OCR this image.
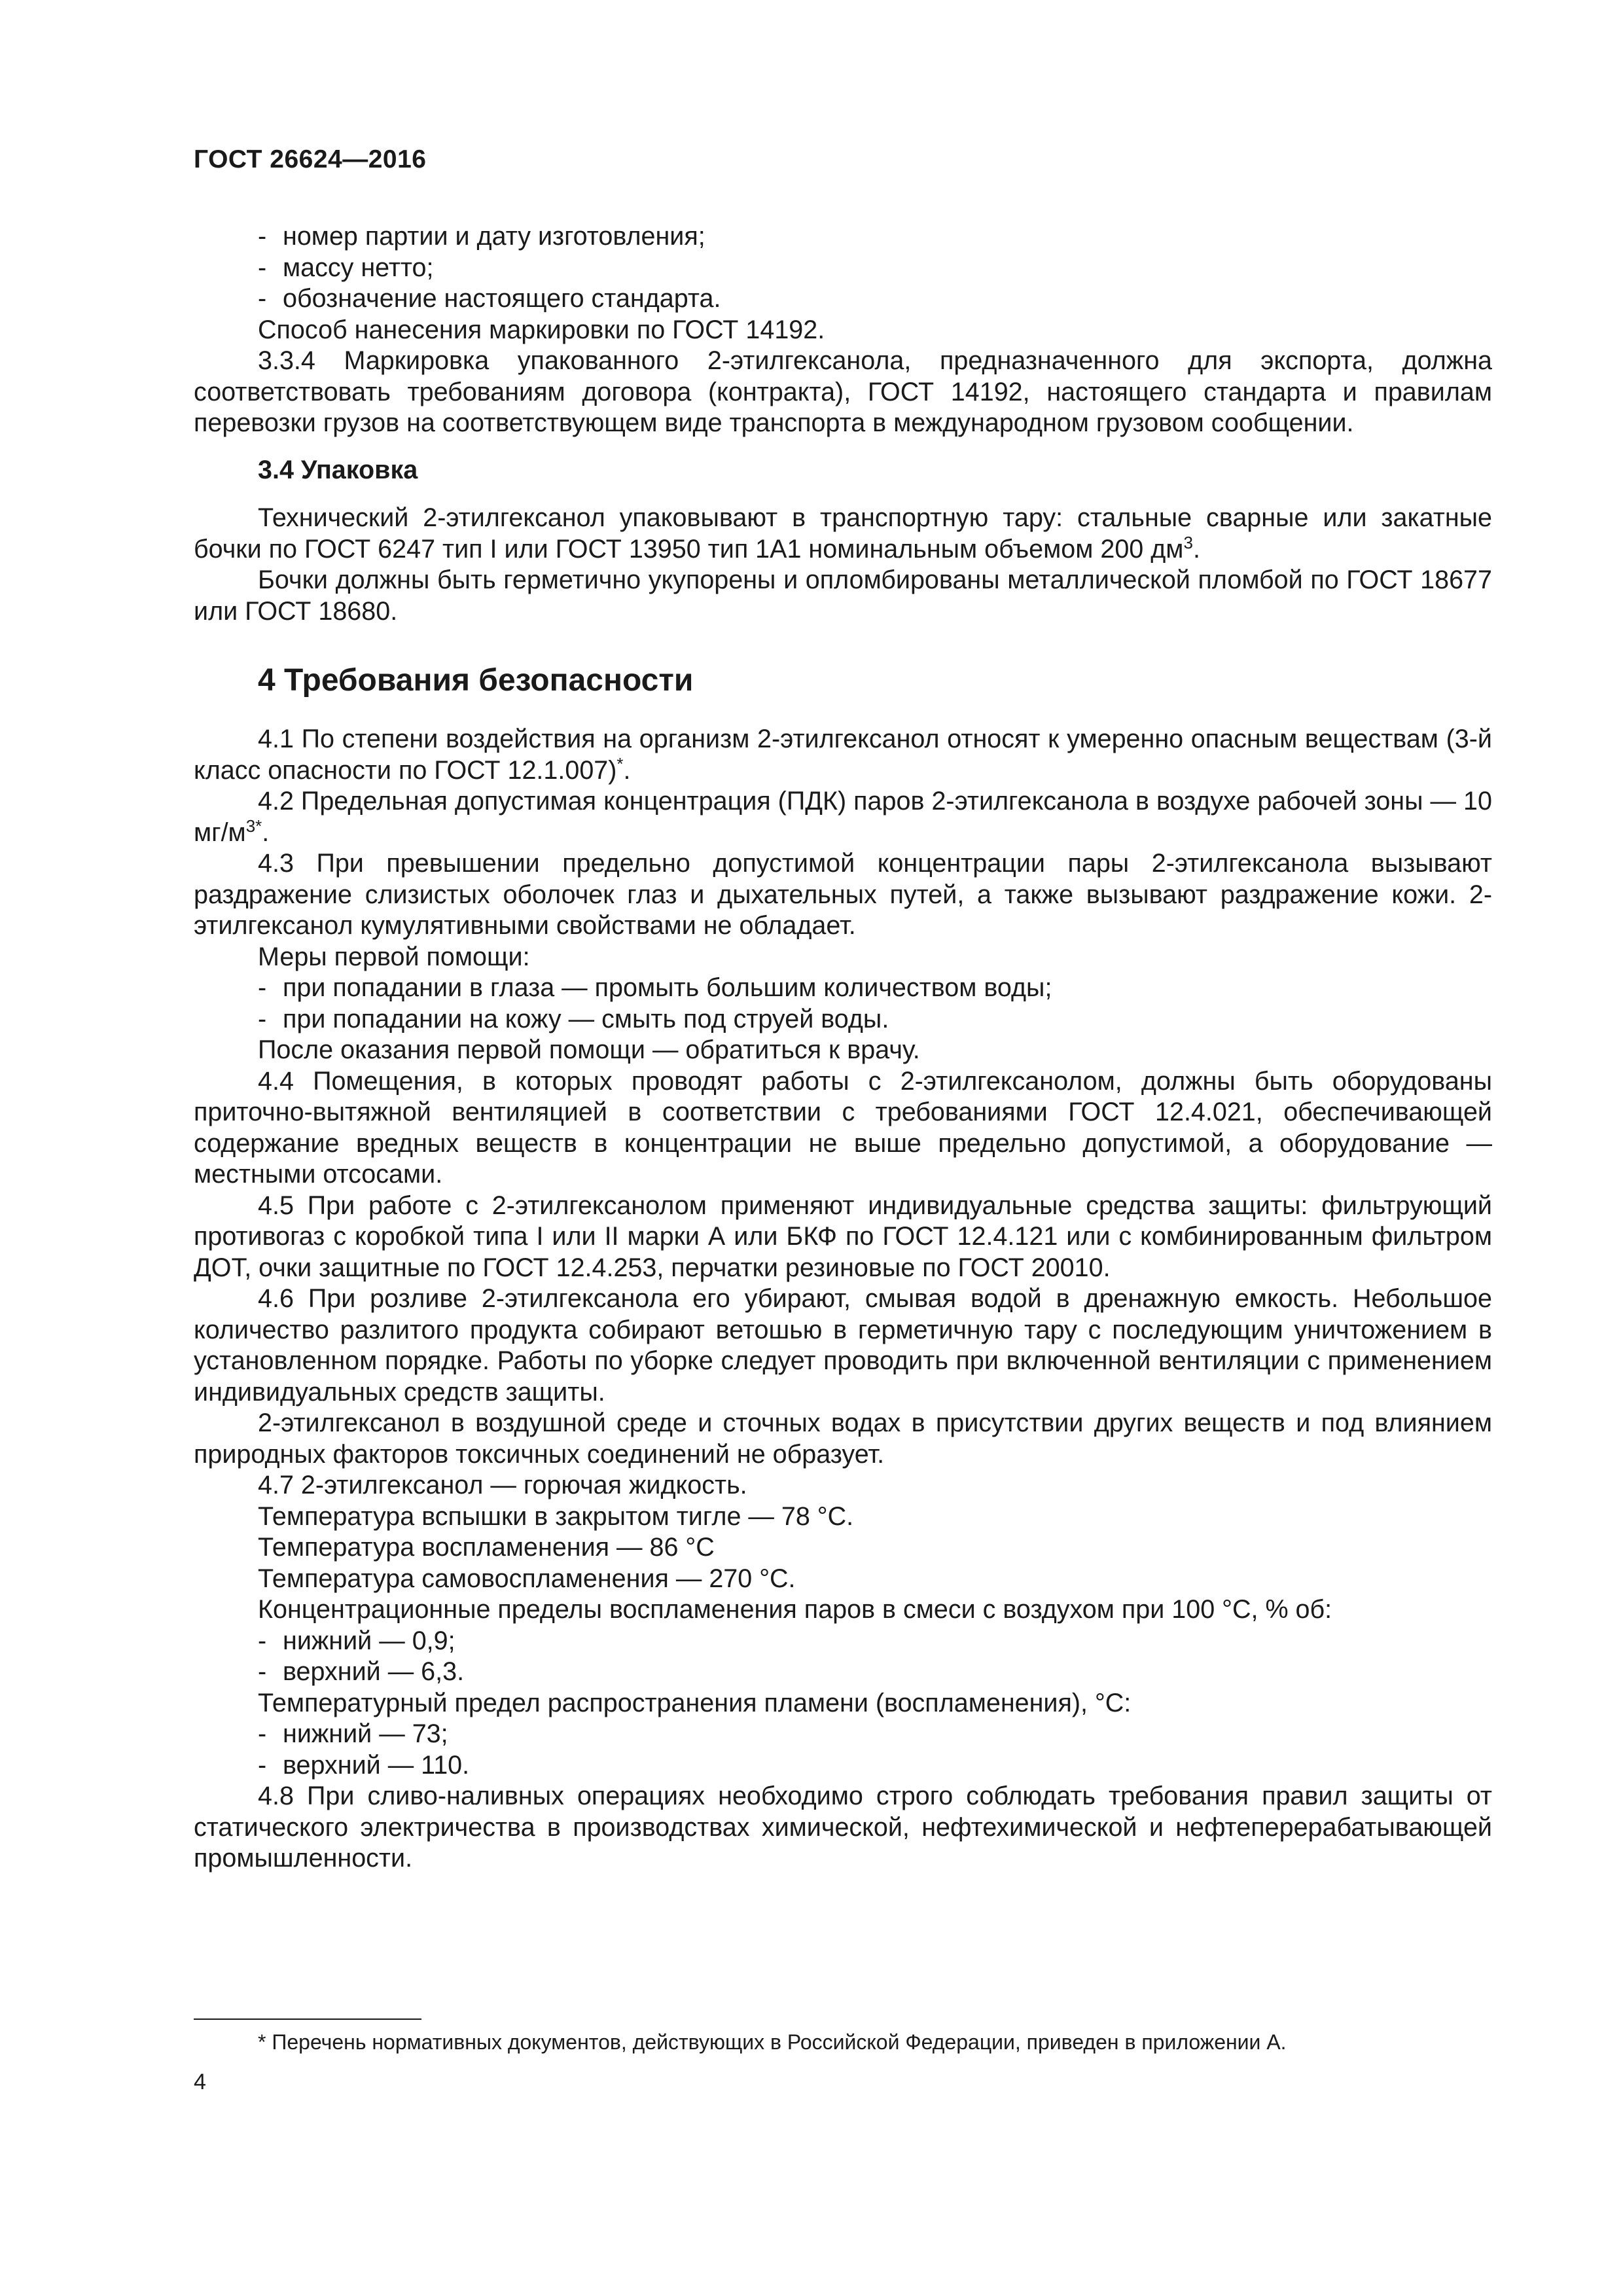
ГОСТ 26624—2016

- номер партии и дату изготовления;

- массу нетто;

- обозначение настоящего стандарта.

Способ нанесения маркировки по ГОСТ 14192.

3.3.4 Маркировка упакованного 2-этилгексанола, предназначенного для экспорта, должна соответствовать требованиям договора (контракта), ГОСТ 14192, настоящего стандарта и правилам перевозки грузов на соответствующем виде транспорта в международном грузовом сообщении.

3.4 Упаковка

Технический 2-этилгексанол упаковывают в транспортную тару: стальные сварные или закатные бочки по ГОСТ 6247 тип I или ГОСТ 13950 тип 1А1 номинальным объемом 200 $дм^3$.

Бочки должны быть герметично укупорены и опломбированы металлической пломбой по ГОСТ 18677 или ГОСТ 18680.

4 Требования безопасности

4.1 По степени воздействия на организм 2-этилгексанол относят к умеренно опасным веществам (3-й класс опасности по ГОСТ 12.1.007)*.

4.2 Предельная допустимая концентрация (ПДК) паров 2-этилгексанола в воздухе рабочей зоны — 10 $мг/м^{3*}$.

4.3 При превышении предельно допустимой концентрации пары 2-этилгексанола вызывают раздражение слизистых оболочек глаз и дыхательных путей, а также вызывают раздражение кожи. 2-этилгексанол кумулятивными свойствами не обладает.

Меры первой помощи:

- при попадании в глаза — промыть большим количеством воды;

- при попадании на кожу — смыть под струей воды.

После оказания первой помощи — обратиться к врачу.

4.4 Помещения, в которых проводят работы с 2-этилгексанолом, должны быть оборудованы приточно-вытяжной вентиляцией в соответствии с требованиями ГОСТ 12.4.021, обеспечивающей содержание вредных веществ в концентрации не выше предельно допустимой, а оборудование — местными отсосами.

4.5 При работе с 2-этилгексанолом применяют индивидуальные средства защиты: фильтрующий противогаз с коробкой типа I или II марки А или БКФ по ГОСТ 12.4.121 или с комбинированным фильтром ДОТ, очки защитные по ГОСТ 12.4.253, перчатки резиновые по ГОСТ 20010.

4.6 При розливе 2-этилгексанола его убирают, смывая водой в дренажную емкость. Небольшое количество разлитого продукта собирают ветошью в герметичную тару с последующим уничтожением в установленном порядке. Работы по уборке следует проводить при включенной вентиляции с применением индивидуальных средств защиты.

2-этилгексанол в воздушной среде и сточных водах в присутствии других веществ и под влиянием природных факторов токсичных соединений не образует.

4.7 2-этилгексанол — горючая жидкость.

Температура вспышки в закрытом тигле — 78 °С.

Температура воспламенения — 86 °С

Температура самовоспламенения — 270 °С.

Концентрационные пределы воспламенения паров в смеси с воздухом при 100 °С, % об:

- нижний — 0,9;

- верхний — 6,3.

Температурный предел распространения пламени (воспламенения), °С:

- нижний — 73;

- верхний — 110.

4.8 При сливо-наливных операциях необходимо строго соблюдать требования правил защиты от статического электричества в производствах химической, нефтехимической и нефтеперерабатывающей промышленности.

* Перечень нормативных документов, действующих в Российской Федерации, приведен в приложении А.
4
